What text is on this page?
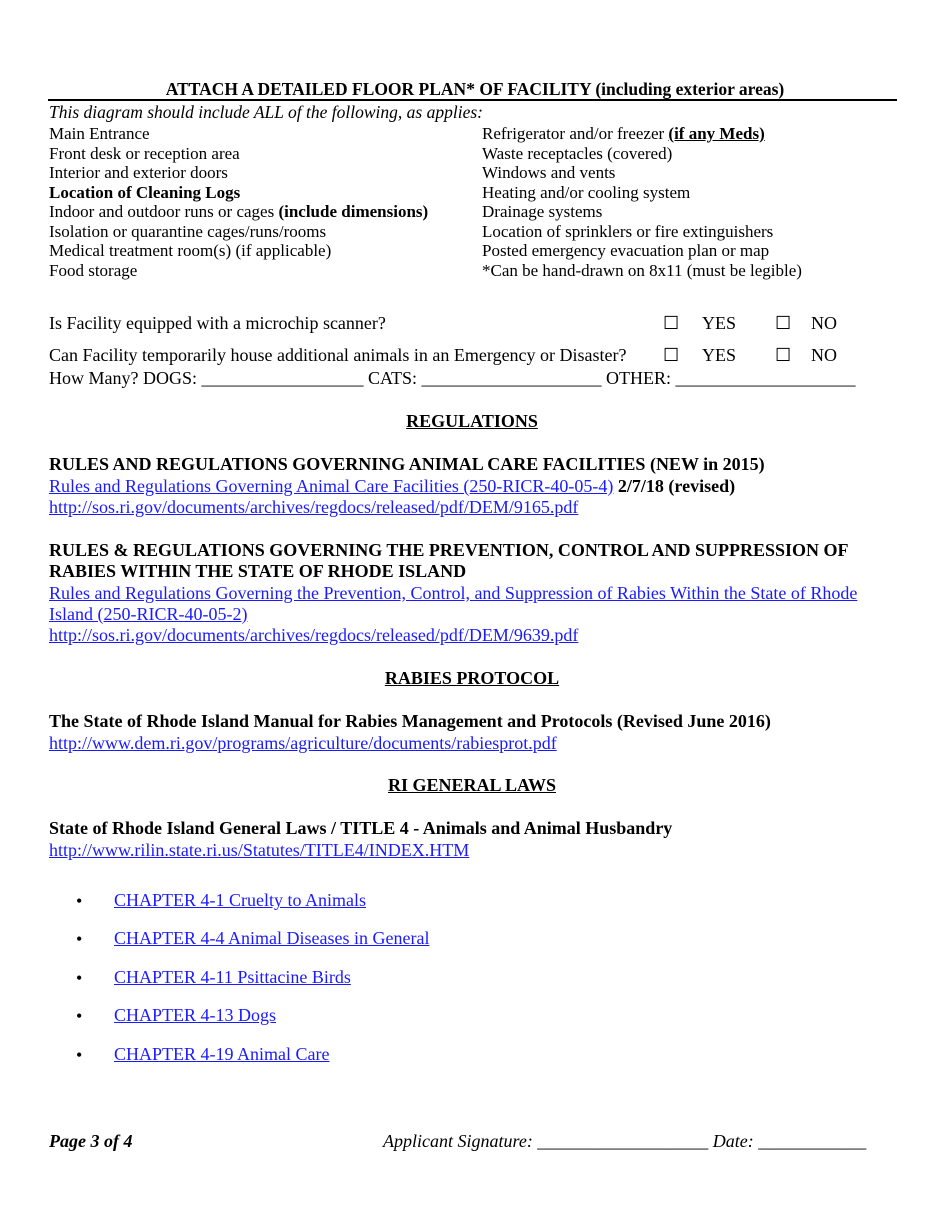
ATTACH A DETAILED FLOOR PLAN* OF FACILITY (including exterior areas)
This diagram should include ALL of the following, as applies:
Main Entrance
Front desk or reception area
Interior and exterior doors
Location of Cleaning Logs
Indoor and outdoor runs or cages (include dimensions)
Isolation or quarantine cages/runs/rooms
Medical treatment room(s) (if applicable)
Food storage
Refrigerator and/or freezer (if any Meds)
Waste receptacles (covered)
Windows and vents
Heating and/or cooling system
Drainage systems
Location of sprinklers or fire extinguishers
Posted emergency evacuation plan or map
*Can be hand-drawn on 8x11 (must be legible)
Is Facility equipped with a microchip scanner?	☐ YES ☐ NO
Can Facility temporarily house additional animals in an Emergency or Disaster? ☐ YES ☐ NO
How Many? DOGS: __________________ CATS: ____________________ OTHER: ____________________
REGULATIONS
RULES AND REGULATIONS GOVERNING ANIMAL CARE FACILITIES (NEW in 2015)
Rules and Regulations Governing Animal Care Facilities (250-RICR-40-05-4) 2/7/18 (revised)
http://sos.ri.gov/documents/archives/regdocs/released/pdf/DEM/9165.pdf
RULES & REGULATIONS GOVERNING THE PREVENTION, CONTROL AND SUPPRESSION OF
RABIES WITHIN THE STATE OF RHODE ISLAND
Rules and Regulations Governing the Prevention, Control, and Suppression of Rabies Within the State of Rhode
Island (250-RICR-40-05-2)
http://sos.ri.gov/documents/archives/regdocs/released/pdf/DEM/9639.pdf
RABIES PROTOCOL
The State of Rhode Island Manual for Rabies Management and Protocols (Revised June 2016)
http://www.dem.ri.gov/programs/agriculture/documents/rabiesprot.pdf
RI GENERAL LAWS
State of Rhode Island General Laws / TITLE 4 - Animals and Animal Husbandry
http://www.rilin.state.ri.us/Statutes/TITLE4/INDEX.HTM
• CHAPTER 4-1 Cruelty to Animals
• CHAPTER 4-4 Animal Diseases in General
• CHAPTER 4-11 Psittacine Birds
• CHAPTER 4-13 Dogs
• CHAPTER 4-19 Animal Care
Page 3 of 4	Applicant Signature: ___________________ Date: ____________
